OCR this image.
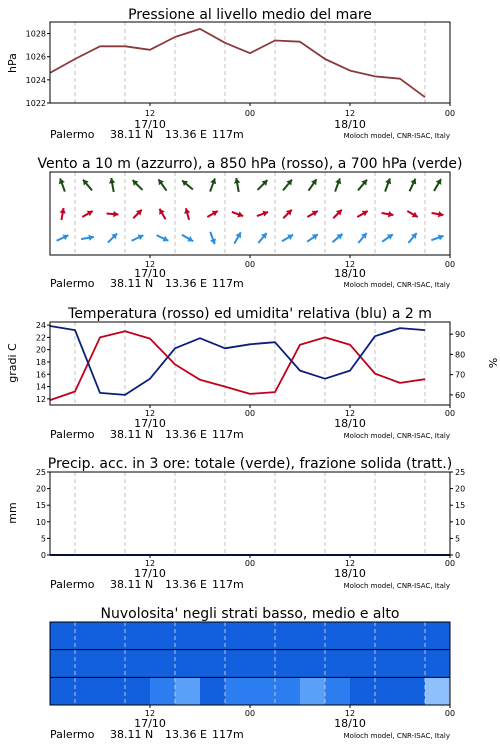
Pressione al livello medio del mare
12	00	12	00
17/10	18/10
Palermo 38.11 N 13.36 E 117m	Moloch model, CNR-ISAC, Italy
1022
1024
1026
1028
hPa
Vento a 10 m (azzurro), a 850 hPa (rosso), a 700 hPa (verde)
12	00	12	00
17/10	18/10
Palermo 38.11 N 13.36 E 117m	Moloch model, CNR-ISAC, Italy
Temperatura (rosso) ed umidita' relativa (blu) a 2 m
12	00	12	00
17/10	18/10
Palermo 38.11 N 13.36 E 117m	Moloch model, CNR-ISAC, Italy
12
14
16
18
20
22
24
60
70
80
90
gradi C	%
Precip. acc. in 3 ore: totale (verde), frazione solida (tratt.)
12	00	12	00
17/10	18/10
Palermo 38.11 N 13.36 E 117m	Moloch model, CNR-ISAC, Italy
0
5
10
15
20
25
0
5
10
15
20
25
mm
Nuvolosita' negli strati basso, medio e alto
12	00	12	00
17/10	18/10
Palermo 38.11 N 13.36 E 117m	Moloch model, CNR-ISAC, Italy
